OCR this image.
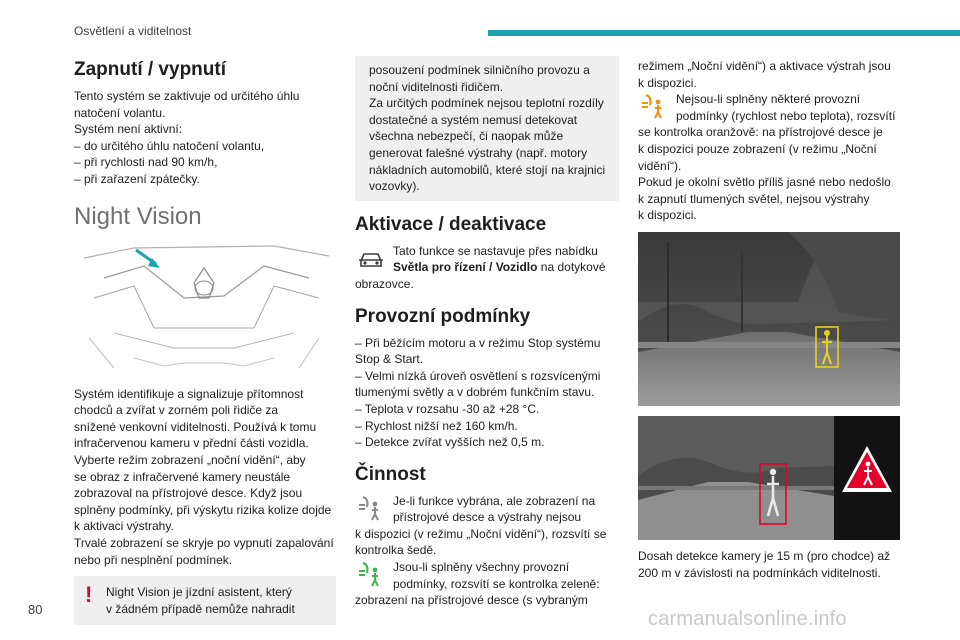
Osvětlení a viditelnost
Zapnutí / vypnutí
Tento systém se zaktivuje od určitého úhlu
natočení volantu.
Systém není aktivní:
– do určitého úhlu natočení volantu,
– při rychlosti nad 90 km/h,
– při zařazení zpátečky.
Night Vision
Systém identifikuje a signalizuje přítomnost
chodců a zvířat v zorném poli řidiče za
snížené venkovní viditelnosti. Používá k tomu
infračervenou kameru v přední části vozidla.
Vyberte režim zobrazení „noční vidění“, aby
se obraz z infračervené kamery neustále
zobrazoval na přístrojové desce. Když jsou
splněny podmínky, při výskytu rizika kolize dojde
k aktivaci výstrahy.
Trvalé zobrazení se skryje po vypnutí zapalování
nebo při nesplnění podmínek.
! Night Vision je jízdní asistent, který
v žádném případě nemůže nahradit
posouzení podmínek silničního provozu a
noční viditelnosti řidičem.
Za určitých podmínek nejsou teplotní rozdíly
dostatečné a systém nemusí detekovat
všechna nebezpečí, či naopak může
generovat falešné výstrahy (např. motory
nákladních automobilů, které stojí na krajnici
vozovky).
Aktivace / deaktivace
Tato funkce se nastavuje přes nabídku
Světla pro řízení / Vozidlo na dotykové
obrazovce.
Provozní podmínky
– Při běžícím motoru a v režimu Stop systému
Stop & Start.
– Velmi nízká úroveň osvětlení s rozsvícenými
tlumenými světly a v dobrém funkčním stavu.
– Teplota v rozsahu -30 až +28 °C.
– Rychlost nižší než 160 km/h.
– Detekce zvířat vyšších než 0,5 m.
Činnost
Je-li funkce vybrána, ale zobrazení na
přístrojové desce a výstrahy nejsou
k dispozici (v režimu „Noční vidění“), rozsvítí se
kontrolka šedě.
Jsou-li splněny všechny provozní
podmínky, rozsvítí se kontrolka zeleně:
zobrazení na přístrojové desce (s vybraným
režimem „Noční vidění“) a aktivace výstrah jsou
k dispozici.
Nejsou-li splněny některé provozní
podmínky (rychlost nebo teplota), rozsvítí
se kontrolka oranžově: na přístrojové desce je
k dispozici pouze zobrazení (v režimu „Noční
vidění“).
Pokud je okolní světlo příliš jasné nebo nedošlo
k zapnutí tlumených světel, nejsou výstrahy
k dispozici.
Dosah detekce kamery je 15 m (pro chodce) až
200 m v závislosti na podmínkách viditelnosti.
80	carmanualsonline.info
